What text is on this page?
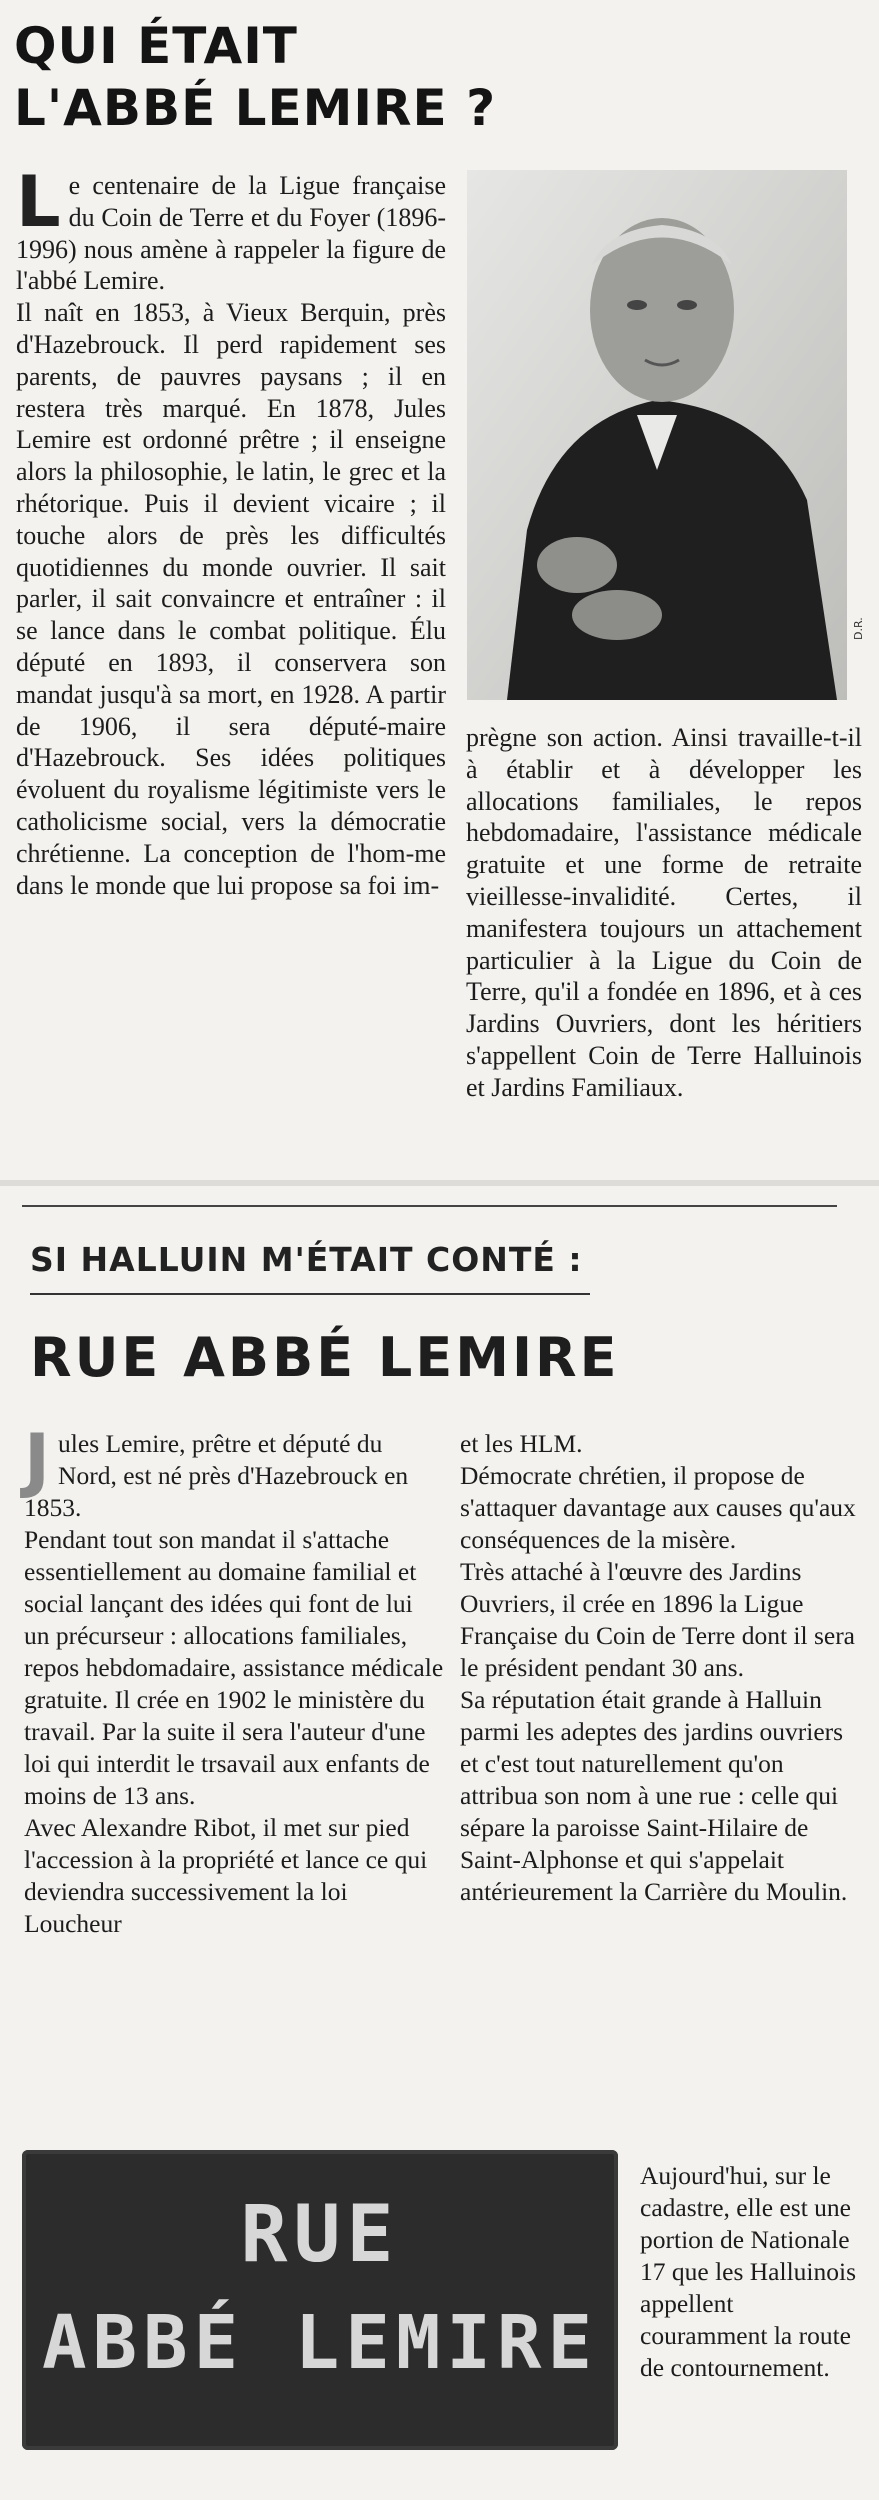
QUI ÉTAIT
L'ABBÉ LEMIRE ?
L e centenaire de la Ligue française du Coin de Terre et du Foyer (1896-1996) nous amène à rappeler la figure de l'abbé Lemire.

Il naît en 1853, à Vieux Berquin, près d'Hazebrouck. Il perd rapidement ses parents, de pauvres paysans ; il en restera très marqué. En 1878, Jules Lemire est ordonné prêtre ; il enseigne alors la philosophie, le latin, le grec et la rhétorique. Puis il devient vicaire ; il touche alors de près les difficultés quotidiennes du monde ouvrier. Il sait parler, il sait convaincre et entraîner : il se lance dans le combat politique. Élu député en 1893, il conservera son mandat jusqu'à sa mort, en 1928. A partir de 1906, il sera député-maire d'Hazebrouck. Ses idées politiques évoluent du royalisme légitimiste vers le catholicisme social, vers la démocratie chrétienne. La conception de l'hom-me dans le monde que lui propose sa foi im-

D.R.

prègne son action. Ainsi travaille-t-il à établir et à développer les allocations familiales, le repos hebdomadaire, l'assistance médicale gratuite et une forme de retraite vieillesse-invalidité. Certes, il manifestera toujours un attachement particulier à la Ligue du Coin de Terre, qu'il a fondée en 1896, et à ces Jardins Ouvriers, dont les héritiers s'appellent Coin de Terre Halluinois et Jardins Familiaux.

SI HALLUIN M'ÉTAIT CONTÉ :
RUE ABBÉ LEMIRE
J ules Lemire, prêtre et député du Nord, est né près d'Hazebrouck en 1853.

Pendant tout son mandat il s'attache essentiellement au domaine familial et social lançant des idées qui font de lui un précurseur : allocations familiales, repos hebdomadaire, assistance médicale gratuite. Il crée en 1902 le ministère du travail. Par la suite il sera l'auteur d'une loi qui interdit le trsavail aux enfants de moins de 13 ans.

Avec Alexandre Ribot, il met sur pied l'accession à la propriété et lance ce qui deviendra successivement la loi Loucheur

et les HLM.

Démocrate chrétien, il propose de s'attaquer davantage aux causes qu'aux conséquences de la misère.

Très attaché à l'œuvre des Jardins Ouvriers, il crée en 1896 la Ligue Française du Coin de Terre dont il sera le président pendant 30 ans.

Sa réputation était grande à Halluin parmi les adeptes des jardins ouvriers et c'est tout naturellement qu'on attribua son nom à une rue : celle qui sépare la paroisse Saint-Hilaire de Saint-Alphonse et qui s'appelait antérieurement la Carrière du Moulin.

Aujourd'hui, sur le cadastre, elle est une portion de Nationale 17 que les Halluinois appellent couramment la route de contournement.

RUE
ABBÉ LEMIRE
